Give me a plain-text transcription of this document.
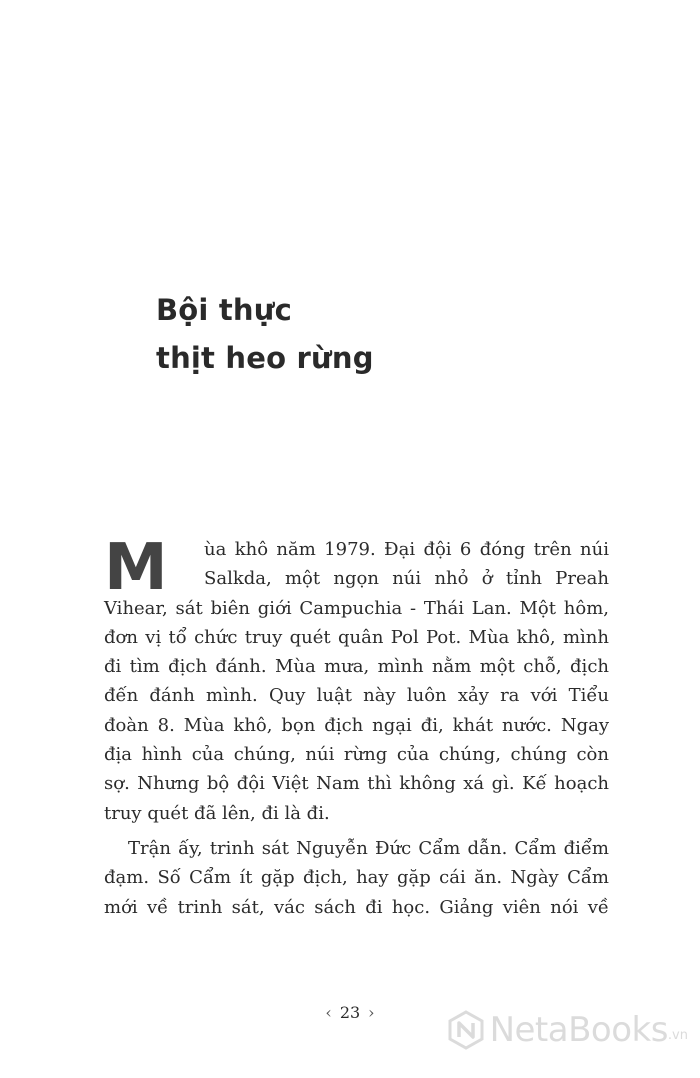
Bội thực
thịt heo rừng
M	ùa khô năm 1979. Đại đội 6 đóng trên núi
Salkda, một ngọn núi nhỏ ở tỉnh Preah
Vihear, sát biên giới Campuchia - Thái Lan. Một hôm,
đơn vị tổ chức truy quét quân Pol Pot. Mùa khô, mình
đi tìm địch đánh. Mùa mưa, mình nằm một chỗ, địch
đến đánh mình. Quy luật này luôn xảy ra với Tiểu
đoàn 8. Mùa khô, bọn địch ngại đi, khát nước. Ngay
địa hình của chúng, núi rừng của chúng, chúng còn
sợ. Nhưng bộ đội Việt Nam thì không xá gì. Kế hoạch
truy quét đã lên, đi là đi.
Trận ấy, trinh sát Nguyễn Đức Cẩm dẫn. Cẩm điểm
đạm. Số Cẩm ít gặp địch, hay gặp cái ăn. Ngày Cẩm
mới về trinh sát, vác sách đi học. Giảng viên nói về
‹ 23 ›	NetaBooks .vn
